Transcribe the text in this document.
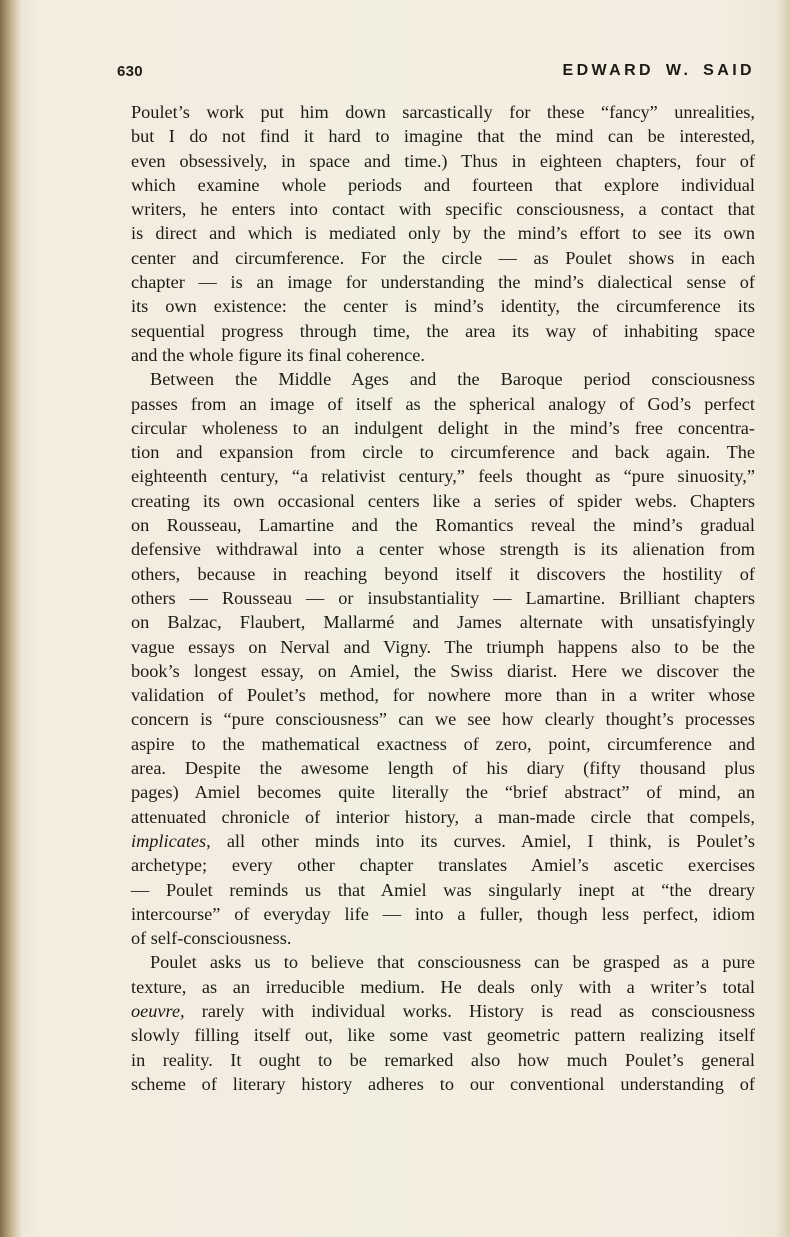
630	EDWARD W. SAID
Poulet’s work put him down sarcastically for these “fancy” unrealities,
but I do not find it hard to imagine that the mind can be interested,
even obsessively, in space and time.) Thus in eighteen chapters, four of
which examine whole periods and fourteen that explore individual
writers, he enters into contact with specific consciousness, a contact that
is direct and which is mediated only by the mind’s effort to see its own
center and circumference. For the circle — as Poulet shows in each
chapter — is an image for understanding the mind’s dialectical sense of
its own existence: the center is mind’s identity, the circumference its
sequential progress through time, the area its way of inhabiting space
and the whole figure its final coherence.
Between the Middle Ages and the Baroque period consciousness
passes from an image of itself as the spherical analogy of God’s perfect
circular wholeness to an indulgent delight in the mind’s free concentra-
tion and expansion from circle to circumference and back again. The
eighteenth century, “a relativist century,” feels thought as “pure sinuosity,”
creating its own occasional centers like a series of spider webs. Chapters
on Rousseau, Lamartine and the Romantics reveal the mind’s gradual
defensive withdrawal into a center whose strength is its alienation from
others, because in reaching beyond itself it discovers the hostility of
others — Rousseau — or insubstantiality — Lamartine. Brilliant chapters
on Balzac, Flaubert, Mallarmé and James alternate with unsatisfyingly
vague essays on Nerval and Vigny. The triumph happens also to be the
book’s longest essay, on Amiel, the Swiss diarist. Here we discover the
validation of Poulet’s method, for nowhere more than in a writer whose
concern is “pure consciousness” can we see how clearly thought’s processes
aspire to the mathematical exactness of zero, point, circumference and
area. Despite the awesome length of his diary (fifty thousand plus
pages) Amiel becomes quite literally the “brief abstract” of mind, an
attenuated chronicle of interior history, a man-made circle that compels,
implicates, all other minds into its curves. Amiel, I think, is Poulet’s
archetype; every other chapter translates Amiel’s ascetic exercises
— Poulet reminds us that Amiel was singularly inept at “the dreary
intercourse” of everyday life — into a fuller, though less perfect, idiom
of self-consciousness.
Poulet asks us to believe that consciousness can be grasped as a pure
texture, as an irreducible medium. He deals only with a writer’s total
oeuvre, rarely with individual works. History is read as consciousness
slowly filling itself out, like some vast geometric pattern realizing itself
in reality. It ought to be remarked also how much Poulet’s general
scheme of literary history adheres to our conventional understanding of
